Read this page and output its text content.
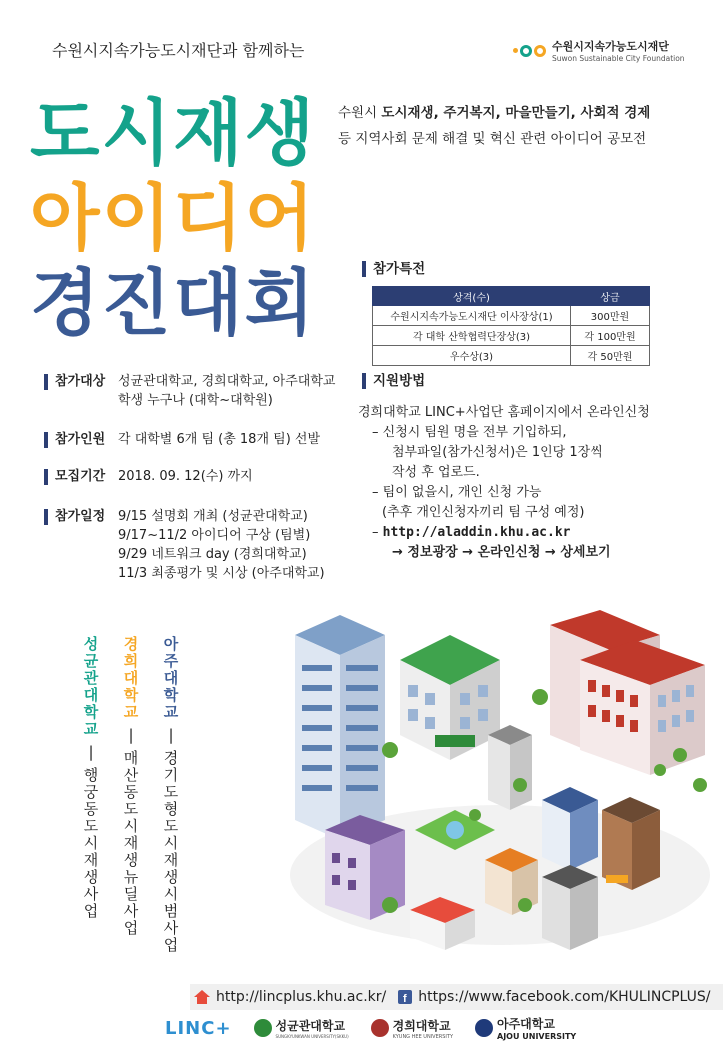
수원시지속가능도시재단과 함께하는	수원시지속가능도시재단
Suwon Sustainable City Foundation
도시재생
아이디어
경진대회
수원시 도시재생, 주거복지, 마을만들기, 사회적 경제
등 지역사회 문제 해결 및 혁신 관련 아이디어 공모전
참가특전
상격(수)	상금
수원시지속가능도시재단 이사장상(1)	300만원
각 대학 산학협력단장상(3)	각 100만원
우수상(3)	각 50만원
참가대상 성균관대학교, 경희대학교, 아주대학교
학생 누구나 (대학~대학원)
참가인원 각 대학별 6개 팀 (총 18개 팀) 선발
모집기간 2018. 09. 12(수) 까지
참가일정 9/15 설명회 개최 (성균관대학교)
9/17~11/2 아이디어 구상 (팀별)
9/29 네트워크 day (경희대학교)
11/3 최종평가 및 시상 (아주대학교)
지원방법
경희대학교 LINC+사업단 홈페이지에서 온라인신청
– 신청시 팀원 명을 전부 기입하되,
첨부파일(참가신청서)은 1인당 1장씩
작성 후 업로드.
– 팀이 없을시, 개인 신청 가능
(추후 개인신청자끼리 팀 구성 예정)
– http://aladdin.khu.ac.kr
→ 정보광장 → 온라인신청 → 상세보기
성균관대학교
|
행궁동 도시재생사업
경희대학교
|
매산동 도시재생 뉴딜사업
아주대학교
|
경기도형 도시재생 시범사업
http://lincplus.khu.ac.kr/ f https://www.facebook.com/KHULINCPLUS/
LINC+	성균관대학교
SUNGKYUNKWAN UNIVERSITY(SKKU)
경희대학교
KYUNG HEE UNIVERSITY
아주대학교
AJOU UNIVERSITY
